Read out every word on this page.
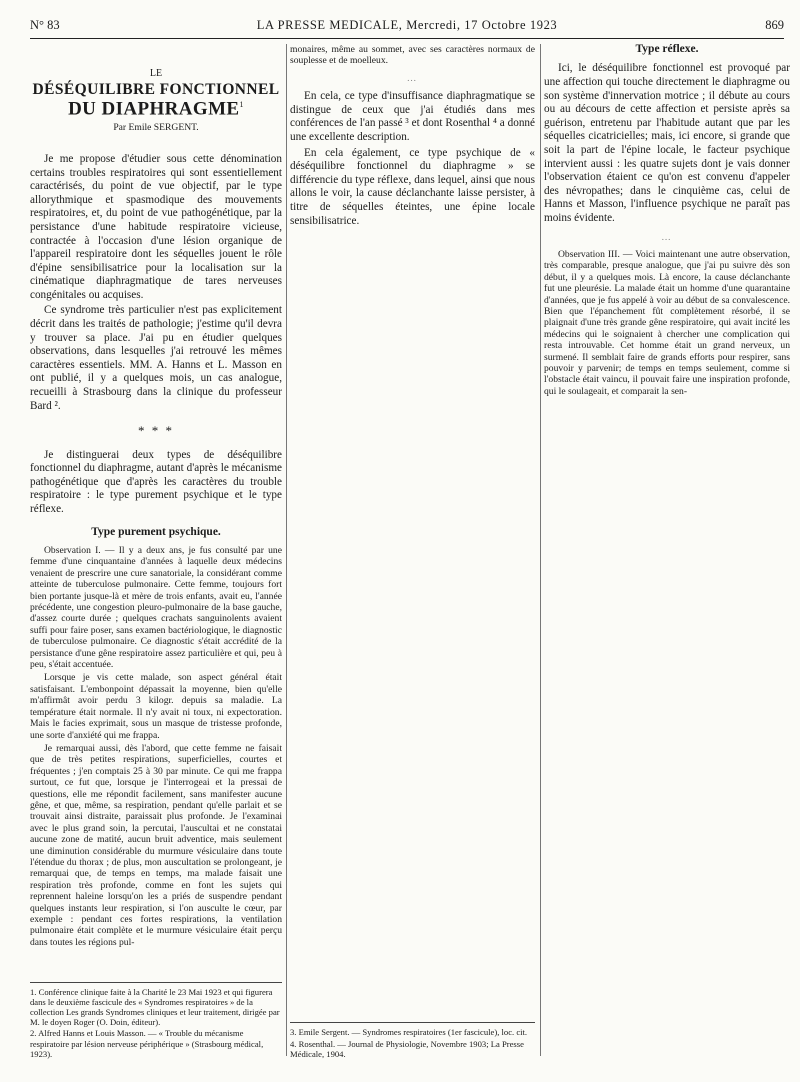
N° 83	LA PRESSE MEDICALE, Mercredi, 17 Octobre 1923	869
LE
DÉSÉQUILIBRE FONCTIONNEL
DU DIAPHRAGME$^1$
Par Emile SERGENT.

Je me propose d'étudier sous cette dénomination certains troubles respiratoires qui sont essentiellement caractérisés, du point de vue objectif, par le type allorythmique et spasmodique des mouvements respiratoires, et, du point de vue pathogénétique, par la persistance d'une habitude respiratoire vicieuse, contractée à l'occasion d'une lésion organique de l'appareil respiratoire dont les séquelles jouent le rôle d'épine sensibilisatrice pour la localisation sur la cinématique diaphragmatique de tares nerveuses congénitales ou acquises.

Ce syndrome très particulier n'est pas explicitement décrit dans les traités de pathologie; j'estime qu'il devra y trouver sa place. J'ai pu en étudier quelques observations, dans lesquelles j'ai retrouvé les mêmes caractères essentiels. MM. A. Hanns et L. Masson en ont publié, il y a quelques mois, un cas analogue, recueilli à Strasbourg dans la clinique du professeur Bard ².

* * *

Je distinguerai deux types de déséquilibre fonctionnel du diaphragme, autant d'après le mécanisme pathogénétique que d'après les caractères du trouble respiratoire : le type purement psychique et le type réflexe.

Type purement psychique.

Observation I. — Il y a deux ans, je fus consulté par une femme d'une cinquantaine d'années à laquelle deux médecins venaient de prescrire une cure sanatoriale, la considérant comme atteinte de tuberculose pulmonaire. Cette femme, toujours fort bien portante jusque-là et mère de trois enfants, avait eu, l'année précédente, une congestion pleuro-pulmonaire de la base gauche, d'assez courte durée ; quelques crachats sanguinolents avaient suffi pour faire poser, sans examen bactériologique, le diagnostic de tuberculose pulmonaire. Ce diagnostic s'était accrédité de la persistance d'une gêne respiratoire assez particulière et qui, peu à peu, s'était accentuée.

Lorsque je vis cette malade, son aspect général était satisfaisant. L'embonpoint dépassait la moyenne, bien qu'elle m'affirmât avoir perdu 3 kilogr. depuis sa maladie. La température était normale. Il n'y avait ni toux, ni expectoration. Mais le facies exprimait, sous un masque de tristesse profonde, une sorte d'anxiété qui me frappa.

Je remarquai aussi, dès l'abord, que cette femme ne faisait que de très petites respirations, superficielles, courtes et fréquentes ; j'en comptais 25 à 30 par minute. Ce qui me frappa surtout, ce fut que, lorsque je l'interrogeai et la pressai de questions, elle me répondit facilement, sans manifester aucune gêne, et que, même, sa respiration, pendant qu'elle parlait et se trouvait ainsi distraite, paraissait plus profonde. Je l'examinai avec le plus grand soin, la percutai, l'auscultai et ne constatai aucune zone de matité, aucun bruit adventice, mais seulement une diminution considérable du murmure vésiculaire dans toute l'étendue du thorax ; de plus, mon auscultation se prolongeant, je remarquai que, de temps en temps, ma malade faisait une respiration très profonde, comme en font les sujets qui reprennent haleine lorsqu'on les a priés de suspendre pendant quelques instants leur respiration, si l'on ausculte le cœur, par exemple : pendant ces fortes respirations, la ventilation pulmonaire était complète et le murmure vésiculaire était perçu dans toutes les régions pul-

1. Conférence clinique faite à la Charité le 23 Mai 1923 et qui figurera dans le deuxième fascicule des « Syndromes respiratoires » de la collection Les grands Syndromes cliniques et leur traitement, dirigée par M. le doyen Roger (O. Doin, éditeur).
2. Alfred Hanns et Louis Masson. — « Trouble du mécanisme respiratoire par lésion nerveuse périphérique » (Strasbourg médical, 1923).

monaires, même au sommet, avec ses caractères normaux de souplesse et de moelleux.

…

En cela, ce type d'insuffisance diaphragmatique se distingue de ceux que j'ai étudiés dans mes conférences de l'an passé ³ et dont Rosenthal ⁴ a donné une excellente description.

En cela également, ce type psychique de « déséquilibre fonctionnel du diaphragme » se différencie du type réflexe, dans lequel, ainsi que nous allons le voir, la cause déclanchante laisse persister, à titre de séquelles éteintes, une épine locale sensibilisatrice.

3. Emile Sergent. — Syndromes respiratoires (1er fascicule), loc. cit.
4. Rosenthal. — Journal de Physiologie, Novembre 1903; La Presse Médicale, 1904.
Type réflexe.

Ici, le déséquilibre fonctionnel est provoqué par une affection qui touche directement le diaphragme ou son système d'innervation motrice ; il débute au cours ou au décours de cette affection et persiste après sa guérison, entretenu par l'habitude autant que par les séquelles cicatricielles; mais, ici encore, si grande que soit la part de l'épine locale, le facteur psychique intervient aussi : les quatre sujets dont je vais donner l'observation étaient ce qu'on est convenu d'appeler des névropathes; dans le cinquième cas, celui de Hanns et Masson, l'influence psychique ne paraît pas moins évidente.

…

Observation III. — Voici maintenant une autre observation, très comparable, presque analogue, que j'ai pu suivre dès son début, il y a quelques mois. Là encore, la cause déclanchante fut une pleurésie. La malade était un homme d'une quarantaine d'années, que je fus appelé à voir au début de sa convalescence. Bien que l'épanchement fût complètement résorbé, il se plaignait d'une très grande gêne respiratoire, qui avait incité les médecins qui le soignaient à chercher une complication qui resta introuvable. Cet homme était un grand nerveux, un surmené. Il semblait faire de grands efforts pour respirer, sans pouvoir y parvenir; de temps en temps seulement, comme si l'obstacle était vaincu, il pouvait faire une inspiration profonde, qui le soulageait, et comparait la sen-
